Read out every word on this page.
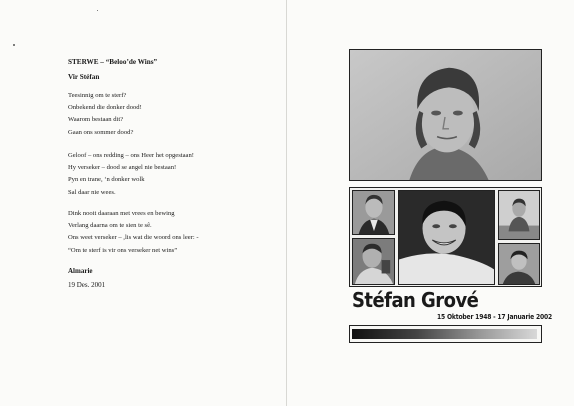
STERWE – “Beloo’de Wins”
Vir Stéfan
Teesinnig om te sterf?
Onbekend die donker dood!
Waarom bestaan dit?
Gaan ons sommer dood?
Geloof – ons redding – ons Heer het opgestaan!
Hy verseker – dood se angel nie bestaan!
Pyn en trane, ‘n donker wolk
Sal daar nie wees.
Dink nooit daaraan met vrees en bewing
Verlang daarna om te sien te sê.
Ons weet verseker – ,lis wat die woord ons leer: -
“Om te sterf is vir ons verseker net wins”
Almarie
19 Des. 2001
Stéfan Grové
15 Oktober 1948 - 17 Januarie 2002
